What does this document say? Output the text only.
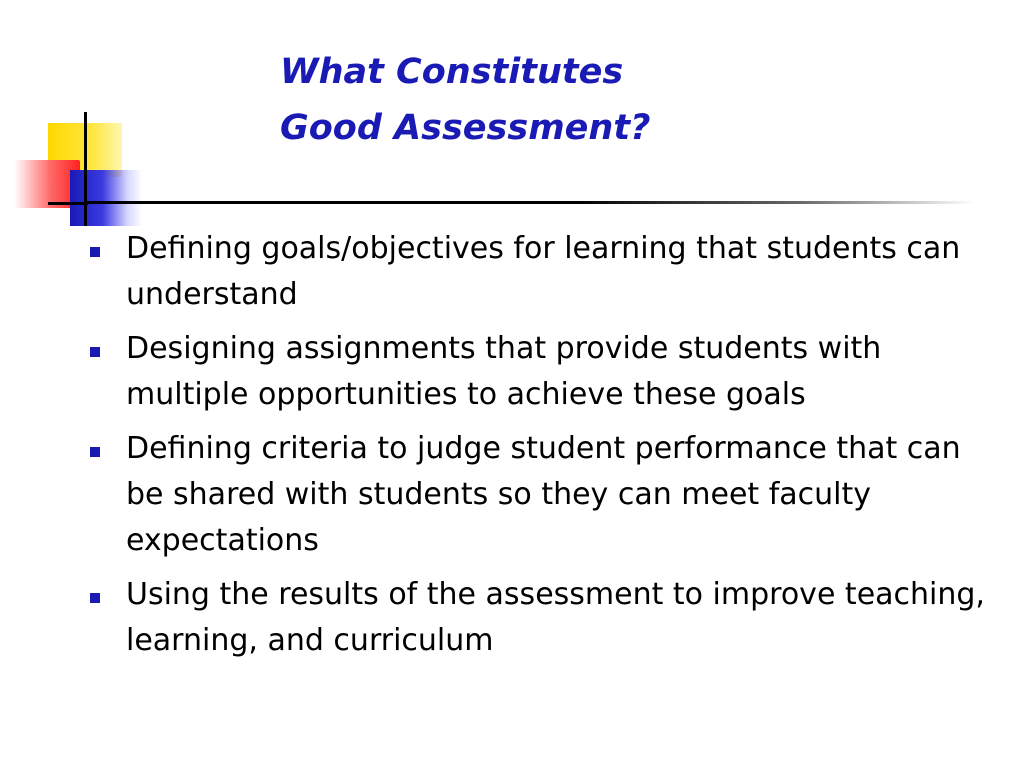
What Constitutes
Good Assessment?
Defining goals/objectives for learning that students can understand
Designing assignments that provide students with multiple opportunities to achieve these goals
Defining criteria to judge student performance that can be shared with students so they can meet faculty expectations
Using the results of the assessment to improve teaching, learning, and curriculum
